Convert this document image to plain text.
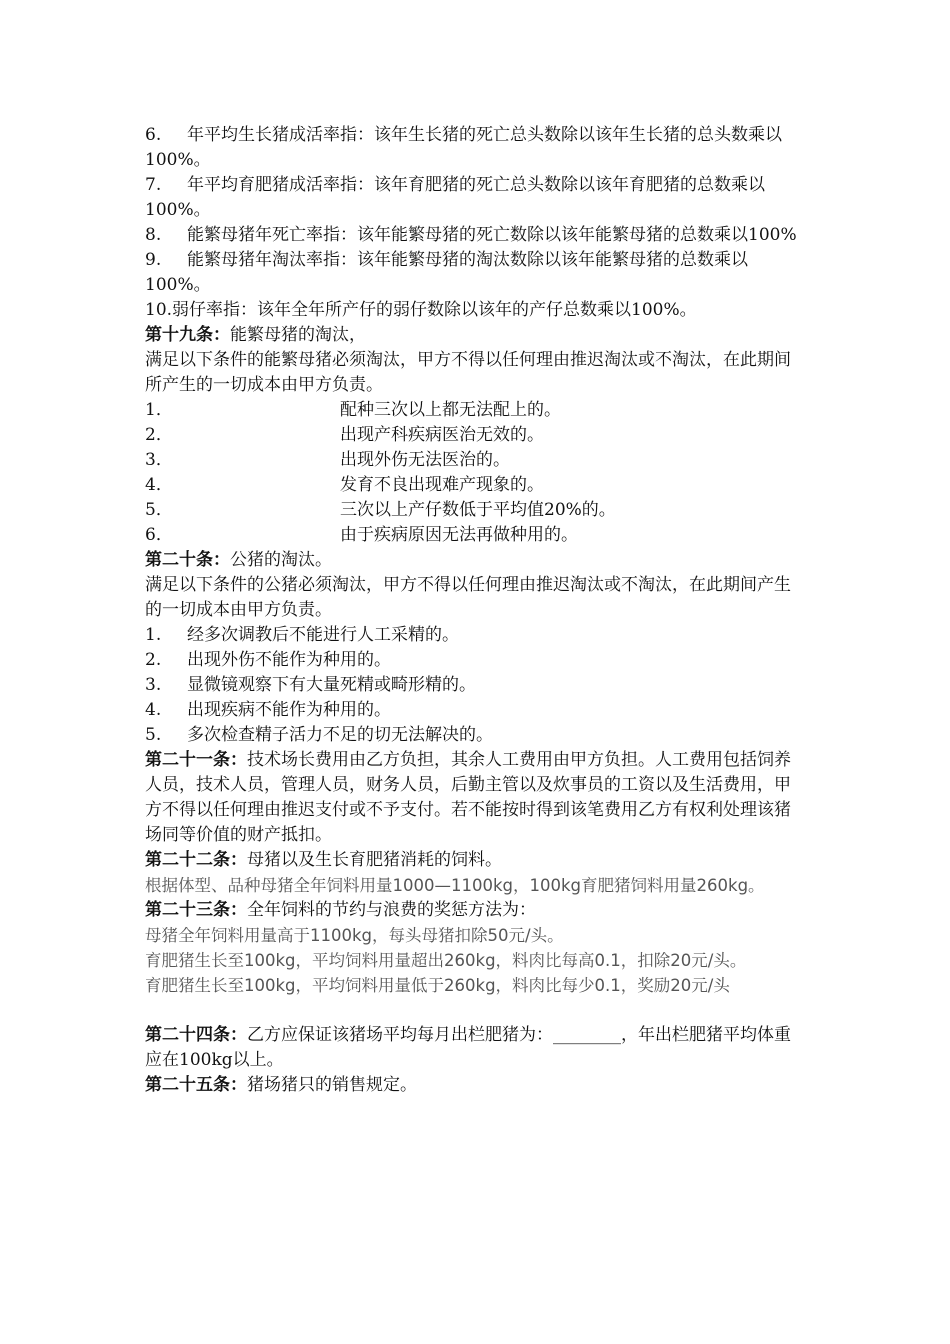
6. 年平均生长猪成活率指：该年生长猪的死亡总头数除以该年生长猪的总头数乘以100%。

7. 年平均育肥猪成活率指：该年育肥猪的死亡总头数除以该年育肥猪的总数乘以100%。

8. 能繁母猪年死亡率指：该年能繁母猪的死亡数除以该年能繁母猪的总数乘以100%

9. 能繁母猪年淘汰率指：该年能繁母猪的淘汰数除以该年能繁母猪的总数乘以100%。

10.弱仔率指：该年全年所产仔的弱仔数除以该年的产仔总数乘以100%。

第十九条：能繁母猪的淘汰，

满足以下条件的能繁母猪必须淘汰，甲方不得以任何理由推迟淘汰或不淘汰，在此期间所产生的一切成本由甲方负责。

1．	配种三次以上都无法配上的。

2．	出现产科疾病医治无效的。

3．	出现外伤无法医治的。

4．	发育不良出现难产现象的。

5．	三次以上产仔数低于平均值20%的。

6．	由于疾病原因无法再做种用的。

第二十条：公猪的淘汰。

满足以下条件的公猪必须淘汰，甲方不得以任何理由推迟淘汰或不淘汰，在此期间产生的一切成本由甲方负责。

1. 经多次调教后不能进行人工采精的。

2. 出现外伤不能作为种用的。

3. 显微镜观察下有大量死精或畸形精的。

4. 出现疾病不能作为种用的。

5. 多次检查精子活力不足的切无法解决的。

第二十一条：技术场长费用由乙方负担，其余人工费用由甲方负担。人工费用包括饲养人员，技术人员，管理人员，财务人员，后勤主管以及炊事员的工资以及生活费用，甲方不得以任何理由推迟支付或不予支付。若不能按时得到该笔费用乙方有权利处理该猪场同等价值的财产抵扣。

第二十二条：母猪以及生长育肥猪消耗的饲料。

根据体型、品种母猪全年饲料用量1000—1100kg，100kg育肥猪饲料用量260kg。

第二十三条：全年饲料的节约与浪费的奖惩方法为：

母猪全年饲料用量高于1100kg，每头母猪扣除50元/头。

育肥猪生长至100kg，平均饲料用量超出260kg，料肉比每高0.1，扣除20元/头。

育肥猪生长至100kg，平均饲料用量低于260kg，料肉比每少0.1，奖励20元/头

第二十四条：乙方应保证该猪场平均每月出栏肥猪为：________，年出栏肥猪平均体重应在100kg以上。

第二十五条：猪场猪只的销售规定。
